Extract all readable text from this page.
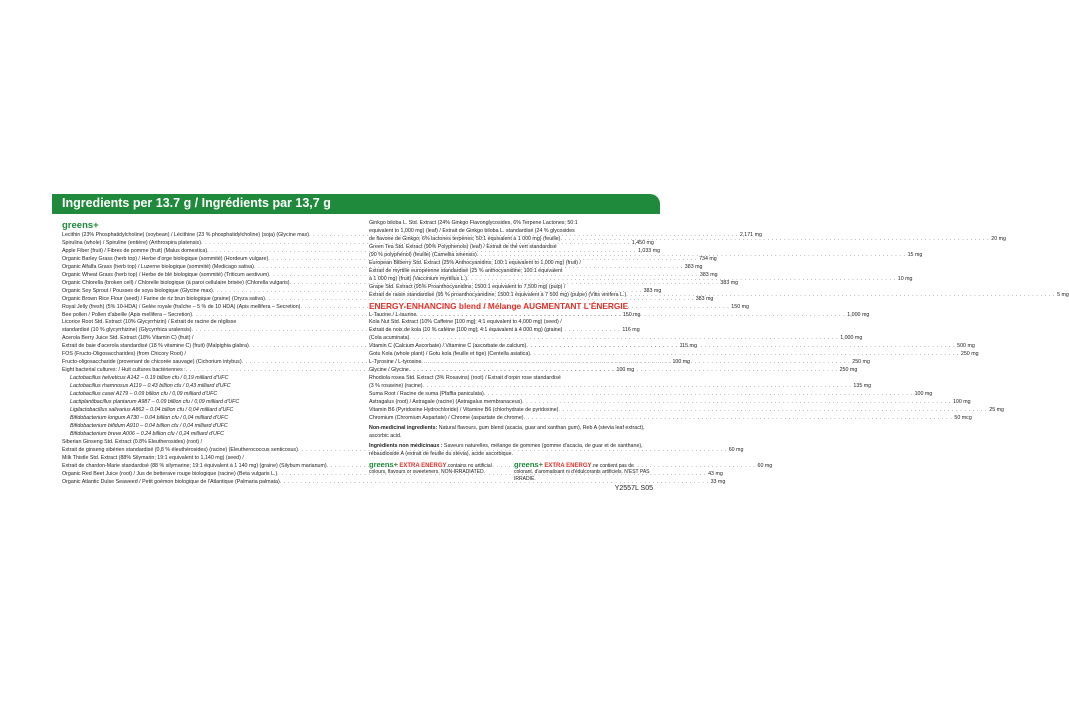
Ingredients per 13.7 g / Ingrédients par 13,7 g
greens+
Lecithin (23% Phosphatidylcholine) (soybean) / Lécithine (23 % phosphatidylcholine) (soja) (Glycine max) . . .	2,171 mg
Spirulina (whole) / Spiruline (entière) (Arthrospira platensis) . . .	1,450 mg
Apple Fiber (fruit) / Fibres de pomme (fruit) (Malus domestica) . . .	1,033 mg
Organic Barley Grass (herb top) / Herbe d'orge biologique (sommité) (Hordeum vulgare) . . .	734 mg
Organic Alfalfa Grass (herb top) / Luzerne biologique (sommité) (Medicago sativa) . . .	383 mg
Organic Wheat Grass (herb top) / Herbe de blé biologique (sommité) (Triticum aestivum) . . .	383 mg
Organic Chlorella (broken cell) / Chlorelle biologique (à paroi cellulaire brisée) (Chlorella vulgaris) . . .	383 mg
Organic Soy Sprout / Pousses de soya biologique (Glycine max) . . .	383 mg
Organic Brown Rice Flour (seed) / Farine de riz brun biologique (graine) (Oryza sativa) . . .	383 mg
Royal Jelly (fresh) (5% 10-HDA) / Gelée royale (fraîche – 5 % de 10 HDA) (Apis mellifera – Secretion) . . .	150 mg
Bee pollen / Pollen d'abeille (Apis mellifera – Secretion) . . .	150 mg
Licorice Root Std. Extract (10% Glycyrrhizin) / Extrait de racine de réglisse
standardisé (10 % glycyrrhizine) (Glycyrrhiza uralensis) . . .	116 mg
Acerola Berry Juice Std. Extract (18% Vitamin C) (fruit) /
Extrait de baie d'acerola standardisé (18 % vitamine C) (fruit) (Malpighia glabra) . . .	115 mg
FOS (Fructo-Oligosaccharides) (from Chicory Root) /
Fructo-oligosaccharide (provenant de chicorée sauvage) (Cichorium intybus) . . .	100 mg
Eight bacterial cultures: / Huit cultures bactériennes : . . .	100 mg
Lactobacillus helveticus A142 – 0.19 billion cfu / 0,19 milliard d'UFC
Lactobacillus rhamnosus A119 – 0.43 billion cfu / 0,43 milliard d'UFC
Lactobacillus casei A179 – 0.09 billion cfu / 0,09 milliard d'UFC
Lactiplantibacillus plantarum A987 – 0.09 billion cfu / 0,09 milliard d'UFC
Ligilactobacillus salivarius A862 – 0.04 billion cfu / 0,04 milliard d'UFC
Bifidobacterium longum A730 – 0.04 billion cfu / 0,04 milliard d'UFC
Bifidobacterium bifidum A910 – 0.04 billion cfu / 0,04 milliard d'UFC
Bifidobacterium breve A006 – 0.24 billion cfu / 0,24 milliard d'UFC
Siberian Ginseng Std. Extract (0.8% Eleutherosides) (root) /
Extrait de ginseng sibérien standardisé (0,8 % éleuthérosides) (racine) (Eleutherococcus senticosus) . . .	60 mg
Milk Thistle Std. Extract (88% Silymarin; 19:1 equivalent to 1,140 mg) (seed) /
Extrait de chardon-Marie standardisé (88 % silymarine; 19:1 équivalent à 1 140 mg) (graine) (Silybum marianum) . . .	60 mg
Organic Red Beet Juice (root) / Jus de betterave rouge biologique (racine) (Beta vulgaris L.) . . .	43 mg
Organic Atlantic Dulse Seaweed / Petit goémon biologique de l'Atlantique (Palmaria palmata) . . .	33 mg
Ginkgo biloba L. Std. Extract (24% Ginkgo Flavonglycosides, 6% Terpene Lactones; 50:1
equivalent to 1,000 mg) (leaf) / Extrait de Ginkgo biloba L. standardisé (24 % glycosides
de flavone de Ginkgo; 6% lactones terpènes; 50:1 équivalent à 1 000 mg) (feuille) . . .	20 mg
Green Tea Std. Extract (90% Polyphenols) (leaf) / Extrait de thé vert standardisé
(90 % polyphénol) (feuille) (Camellia sinensis) . . .	15 mg
European Bilberry Std. Extract (25% Anthocyanidins; 100:1 equivalent to 1,000 mg) (fruit) /
Extrait de myrtille européenne standardisé (25 % anthocyanidine; 100:1 équivalent
à 1 000 mg) (fruit) (Vaccinium myrtillus L.) . . .	10 mg
Grape Std. Extract (95% Proanthocyanidins; 1500:1 equivalent to 7,500 mg) (pulp) /
Extrait de raisin standardisé (95 % proanthocyanidine; 1500:1 équivalent à 7 500 mg) (pulpe) (Vitis vinifera L.) . . .	5 mg
ENERGY-ENHANCING blend / Mélange AUGMENTANT L'ÉNERGIE
L-Taurine / L-taurine . . .	1,000 mg
Kola Nut Std. Extract (10% Caffeine [100 mg]; 4:1 equivalent to 4,000 mg) (seed) /
Extrait de noix de kola (10 % caféine [100 mg]; 4:1 équivalent à 4 000 mg) (graine)
(Cola acuminata) . . .	1,000 mg
Vitamin C (Calcium Ascorbate) / Vitamine C (ascorbate de calcium) . . .	500 mg
Gotu Kola (whole plant) / Gotu kola (feuille et tige) (Centella asiatica) . . .	250 mg
L-Tyrosine / L-tyrosine . . .	250 mg
Glycine / Glycine . . .	250 mg
Rhodiola rosea Std. Extract (3% Rosavins) (root) / Extrait d'orpin rose standardisé
(3 % rosavine) (racine) . . .	135 mg
Suma Root / Racine de suma (Pfaffia paniculata) . . .	100 mg
Astragalus (root) / Astragale (racine) (Astragalus membranaceus) . . .	100 mg
Vitamin B6 (Pyridoxine Hydrochloride) / Vitamine B6 (chlorhydrate de pyridoxine) . . .	25 mg
Chromium (Chromium Aspartate) / Chrome (aspartate de chrome) . . .	50 mcg
Non-medicinal ingredients: Natural flavours, gum blend (acacia, guar and xanthan gum), Reb A (stevia leaf extract), ascorbic acid.
Ingrédients non médicinaux : Saveurs naturelles, mélange de gommes (gomme d'acacia, de guar et de xanthane), rébaudioside A (extrait de feuille du stévia), acide ascorbique.
greens+ EXTRA ENERGY contains no artificial colours, flavours or sweeteners. NON-IRRADIATED.
greens+ EXTRA ENERGY ne contient pas de colorant, d'aromatisant ni d'édulcorants artificiels. N'EST PAS IRRADIÉ.
Y2557L S05
